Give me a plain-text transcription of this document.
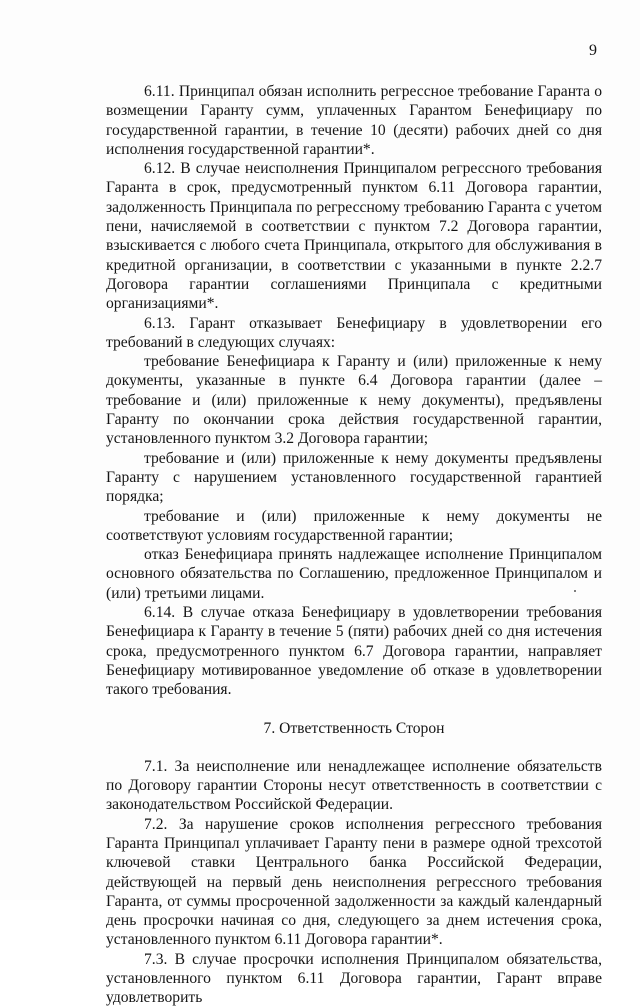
9

6.11. Принципал обязан исполнить регрессное требование Гаранта о возмещении Гаранту сумм, уплаченных Гарантом Бенефициару по государственной гарантии, в течение 10 (десяти) рабочих дней со дня исполнения государственной гарантии*.

6.12. В случае неисполнения Принципалом регрессного требования Гаранта в срок, предусмотренный пунктом 6.11 Договора гарантии, задолженность Принципала по регрессному требованию Гаранта с учетом пени, начисляемой в соответствии с пунктом 7.2 Договора гарантии, взыскивается с любого счета Принципала, открытого для обслуживания в кредитной организации, в соответствии с указанными в пункте 2.2.7 Договора гарантии соглашениями Принципала с кредитными организациями*.

6.13. Гарант отказывает Бенефициару в удовлетворении его требований в следующих случаях:

требование Бенефициара к Гаранту и (или) приложенные к нему документы, указанные в пункте 6.4 Договора гарантии (далее – требование и (или) приложенные к нему документы), предъявлены Гаранту по окончании срока действия государственной гарантии, установленного пунктом 3.2 Договора гарантии;

требование и (или) приложенные к нему документы предъявлены Гаранту с нарушением установленного государственной гарантией порядка;

требование и (или) приложенные к нему документы не соответствуют условиям государственной гарантии;

отказ Бенефициара принять надлежащее исполнение Принципалом основного обязательства по Соглашению, предложенное Принципалом и (или) третьими лицами.

6.14. В случае отказа Бенефициару в удовлетворении требования Бенефициара к Гаранту в течение 5 (пяти) рабочих дней со дня истечения срока, предусмотренного пунктом 6.7 Договора гарантии, направляет Бенефициару мотивированное уведомление об отказе в удовлетворении такого требования.

7. Ответственность Сторон

7.1. За неисполнение или ненадлежащее исполнение обязательств по Договору гарантии Стороны несут ответственность в соответствии с законодательством Российской Федерации.

7.2. За нарушение сроков исполнения регрессного требования Гаранта Принципал уплачивает Гаранту пени в размере одной трехсотой ключевой ставки Центрального банка Российской Федерации, действующей на первый день неисполнения регрессного требования Гаранта, от суммы просроченной задолженности за каждый календарный день просрочки начиная со дня, следующего за днем истечения срока, установленного пунктом 6.11 Договора гарантии*.

7.3. В случае просрочки исполнения Принципалом обязательства, установленного пунктом 6.11 Договора гарантии, Гарант вправе удовлетворить
